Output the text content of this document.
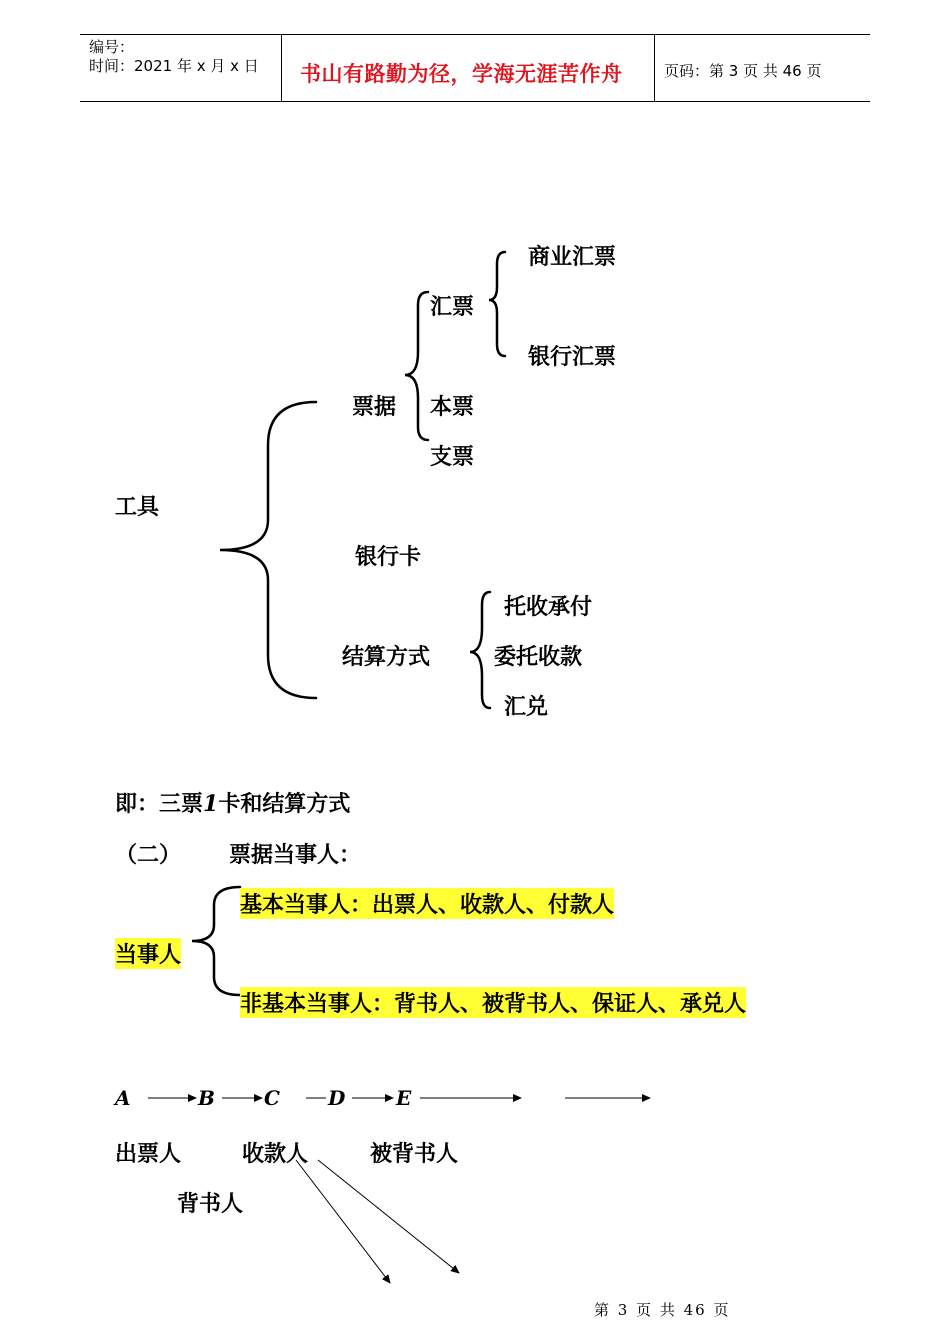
编号：
时间：2021 年 x 月 x 日 书山有路勤为径，学海无涯苦作舟	页码：第 3 页 共 46 页
商业汇票
汇票
银行汇票
票据 本票
支票
工具
银行卡
托收承付
结算方式	委托收款
汇兑
即：三票1卡和结算方式
（二） 票据当事人：
基本当事人：出票人、收款人、付款人
当事人
非基本当事人：背书人、被背书人、保证人、承兑人
A	B C D	E
出票人	收款人	被背书人
背书人
第 3 页 共 46 页
